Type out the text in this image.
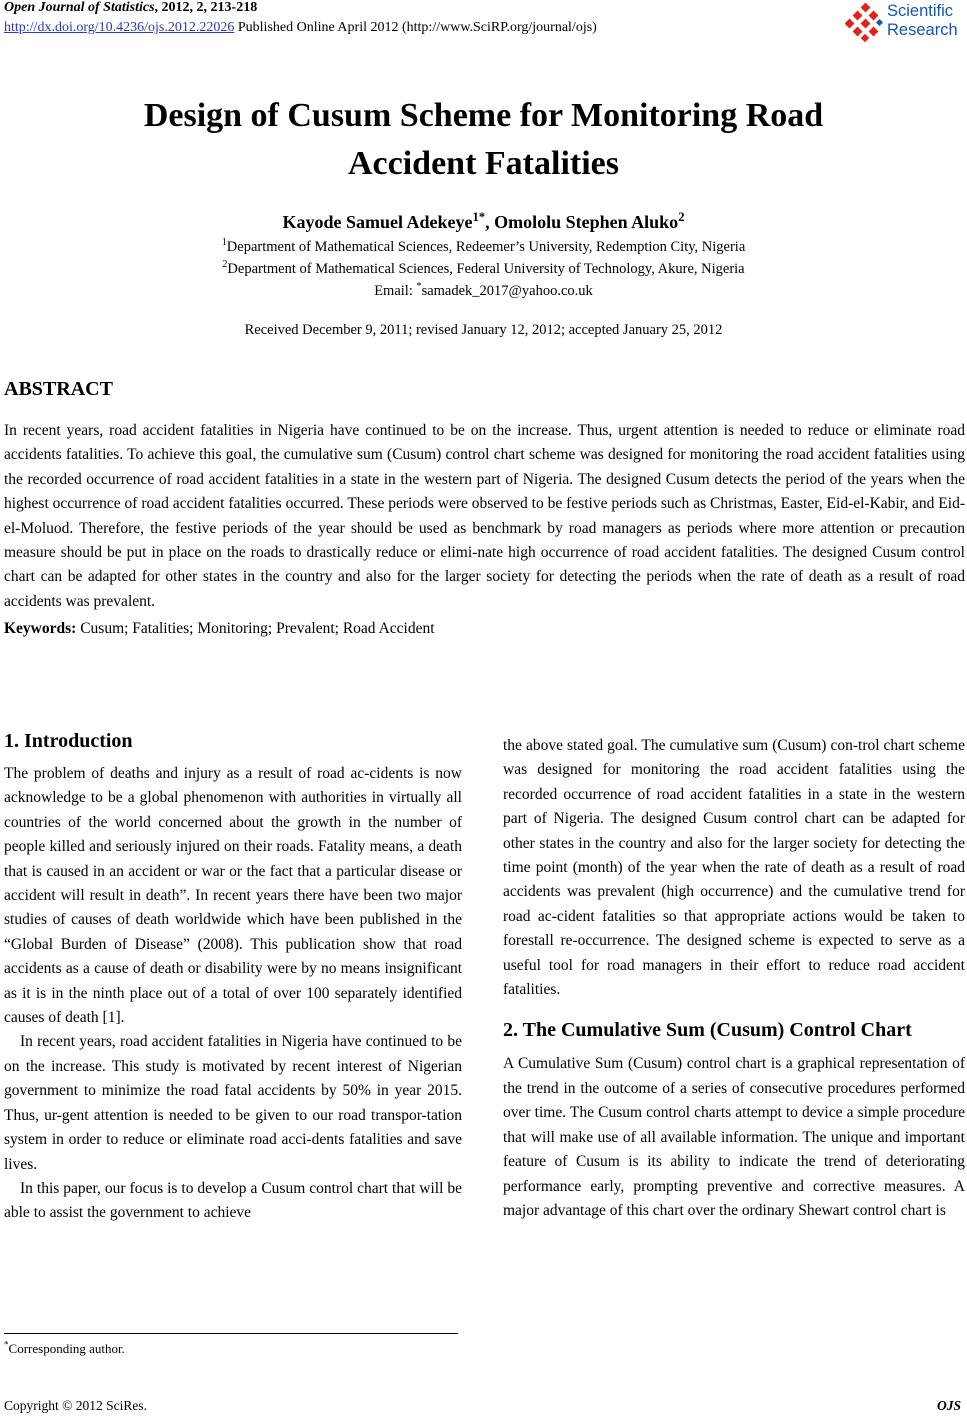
Open Journal of Statistics, 2012, 2, 213-218
http://dx.doi.org/10.4236/ojs.2012.22026 Published Online April 2012 (http://www.SciRP.org/journal/ojs)
Scientific
Research
Design of Cusum Scheme for Monitoring Road
Accident Fatalities
Kayode Samuel Adekeye$^{1*}$, Omololu Stephen Aluko$^2$
$^1$Department of Mathematical Sciences, Redeemer’s University, Redemption City, Nigeria
$^2$Department of Mathematical Sciences, Federal University of Technology, Akure, Nigeria
Email: *samadek_2017@yahoo.co.uk
Received December 9, 2011; revised January 12, 2012; accepted January 25, 2012
ABSTRACT

In recent years, road accident fatalities in Nigeria have continued to be on the increase. Thus, urgent attention is needed to reduce or eliminate road accidents fatalities. To achieve this goal, the cumulative sum (Cusum) control chart scheme was designed for monitoring the road accident fatalities using the recorded occurrence of road accident fatalities in a state in the western part of Nigeria. The designed Cusum detects the period of the years when the highest occurrence of road accident fatalities occurred. These periods were observed to be festive periods such as Christmas, Easter, Eid-el-Kabir, and Eid-el-Moluod. Therefore, the festive periods of the year should be used as benchmark by road managers as periods where more attention or precaution measure should be put in place on the roads to drastically reduce or elimi-nate high occurrence of road accident fatalities. The designed Cusum control chart can be adapted for other states in the country and also for the larger society for detecting the periods when the rate of death as a result of road accidents was prevalent.

Keywords: Cusum; Fatalities; Monitoring; Prevalent; Road Accident
1. Introduction

The problem of deaths and injury as a result of road ac-cidents is now acknowledge to be a global phenomenon with authorities in virtually all countries of the world concerned about the growth in the number of people killed and seriously injured on their roads. Fatality means, a death that is caused in an accident or war or the fact that a particular disease or accident will result in death”. In recent years there have been two major studies of causes of death worldwide which have been published in the “Global Burden of Disease” (2008). This publication show that road accidents as a cause of death or disability were by no means insignificant as it is in the ninth place out of a total of over 100 separately identified causes of death [1].

In recent years, road accident fatalities in Nigeria have continued to be on the increase. This study is motivated by recent interest of Nigerian government to minimize the road fatal accidents by 50% in year 2015. Thus, ur-gent attention is needed to be given to our road transpor-tation system in order to reduce or eliminate road acci-dents fatalities and save lives.

In this paper, our focus is to develop a Cusum control chart that will be able to assist the government to achieve

the above stated goal. The cumulative sum (Cusum) con-trol chart scheme was designed for monitoring the road accident fatalities using the recorded occurrence of road accident fatalities in a state in the western part of Nigeria. The designed Cusum control chart can be adapted for other states in the country and also for the larger society for detecting the time point (month) of the year when the rate of death as a result of road accidents was prevalent (high occurrence) and the cumulative trend for road ac-cident fatalities so that appropriate actions would be taken to forestall re-occurrence. The designed scheme is expected to serve as a useful tool for road managers in their effort to reduce road accident fatalities.

2. The Cumulative Sum (Cusum) Control Chart

A Cumulative Sum (Cusum) control chart is a graphical representation of the trend in the outcome of a series of consecutive procedures performed over time. The Cusum control charts attempt to device a simple procedure that will make use of all available information. The unique and important feature of Cusum is its ability to indicate the trend of deteriorating performance early, prompting preventive and corrective measures. A major advantage of this chart over the ordinary Shewart control chart is

*Corresponding author.
Copyright © 2012 SciRes.	OJS
